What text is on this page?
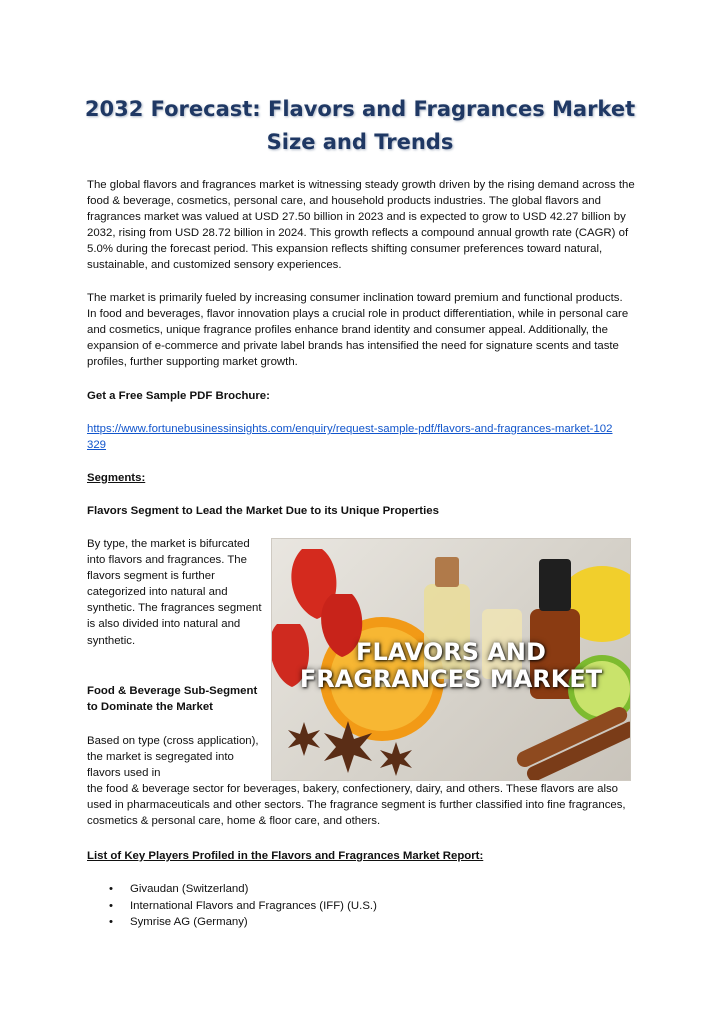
2032 Forecast: Flavors and Fragrances Market
Size and Trends

The global flavors and fragrances market is witnessing steady growth driven by the rising demand across the food & beverage, cosmetics, personal care, and household products industries. The global flavors and fragrances market was valued at USD 27.50 billion in 2023 and is expected to grow to USD 42.27 billion by 2032, rising from USD 28.72 billion in 2024. This growth reflects a compound annual growth rate (CAGR) of 5.0% during the forecast period. This expansion reflects shifting consumer preferences toward natural, sustainable, and customized sensory experiences.

The market is primarily fueled by increasing consumer inclination toward premium and functional products. In food and beverages, flavor innovation plays a crucial role in product differentiation, while in personal care and cosmetics, unique fragrance profiles enhance brand identity and consumer appeal. Additionally, the expansion of e-commerce and private label brands has intensified the need for signature scents and taste profiles, further supporting market growth.

Get a Free Sample PDF Brochure:

https://www.fortunebusinessinsights.com/enquiry/request-sample-pdf/flavors-and-fragrances-market-102329

Segments:

Flavors Segment to Lead the Market Due to its Unique Properties

By type, the market is bifurcated into flavors and fragrances. The flavors segment is further categorized into natural and synthetic. The fragrances segment is also divided into natural and synthetic.

Food & Beverage Sub-Segment to Dominate the Market

Based on type (cross application), the market is segregated into flavors used in

the food & beverage sector for beverages, bakery, confectionery, dairy, and others. These flavors are also used in pharmaceuticals and other sectors. The fragrance segment is further classified into fine fragrances, cosmetics & personal care, home & floor care, and others.

FLAVORS AND
FRAGRANCES MARKET

List of Key Players Profiled in the Flavors and Fragrances Market Report:

• Givaudan (Switzerland)
• International Flavors and Fragrances (IFF) (U.S.)
• Symrise AG (Germany)
